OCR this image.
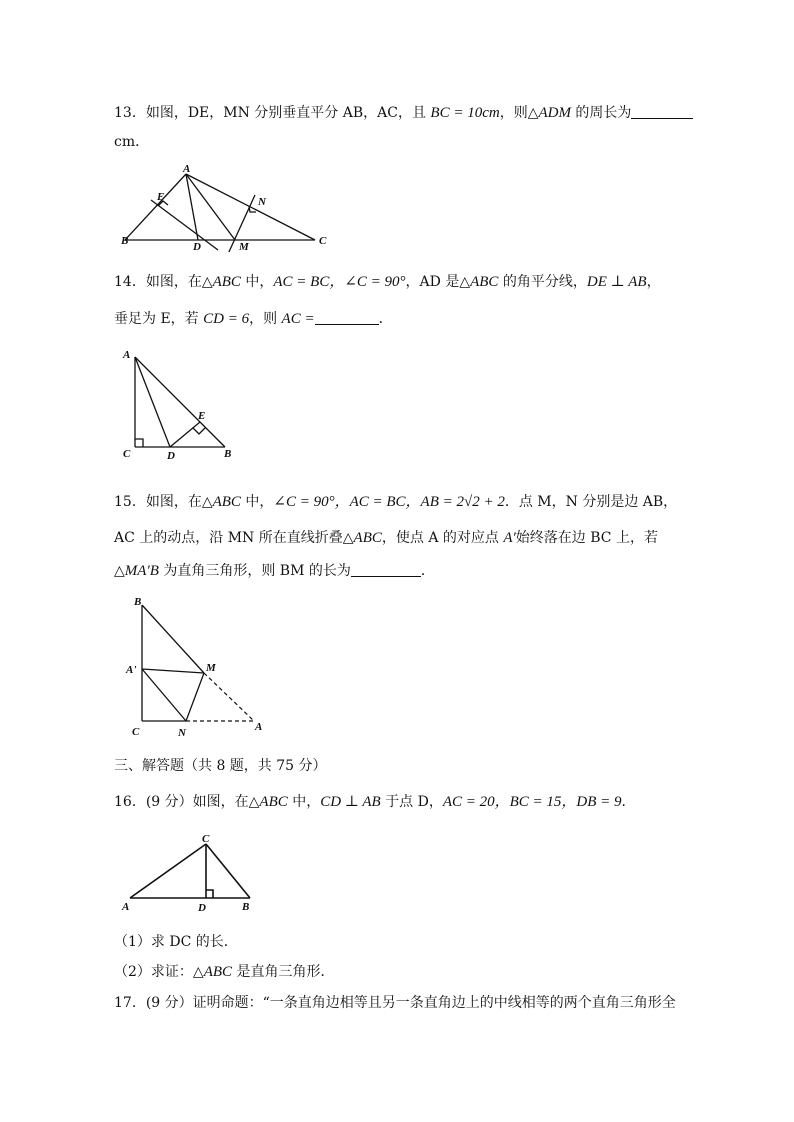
13．如图，DE，MN 分别垂直平分 AB，AC，且 BC = 10cm，则△ADM 的周长为
cm．
A
E	N
B	D	M	C
14．如图，在△ABC 中，AC = BC，∠C = 90°，AD 是△ABC 的角平分线，DE ⊥ AB，
垂足为 E，若 CD = 6，则 AC =	．
A
E
C	D	B
15．如图，在△ABC 中，∠C = 90°，AC = BC，AB = 2√2 + 2．点 M，N 分别是边 AB，
AC 上的动点，沿 MN 所在直线折叠△ABC，使点 A 的对应点 A′始终落在边 BC 上，若
△MA′B 为直角三角形，则 BM 的长为	．
B
A'	M
C	N	A
三、解答题（共 8 题，共 75 分）
16．(9 分）如图，在△ABC 中，CD ⊥ AB 于点 D，AC = 20，BC = 15，DB = 9．
C
A	D	B
（1）求 DC 的长．
（2）求证：△ABC 是直角三角形．
17．(9 分）证明命题：“一条直角边相等且另一条直角边上的中线相等的两个直角三角形全
